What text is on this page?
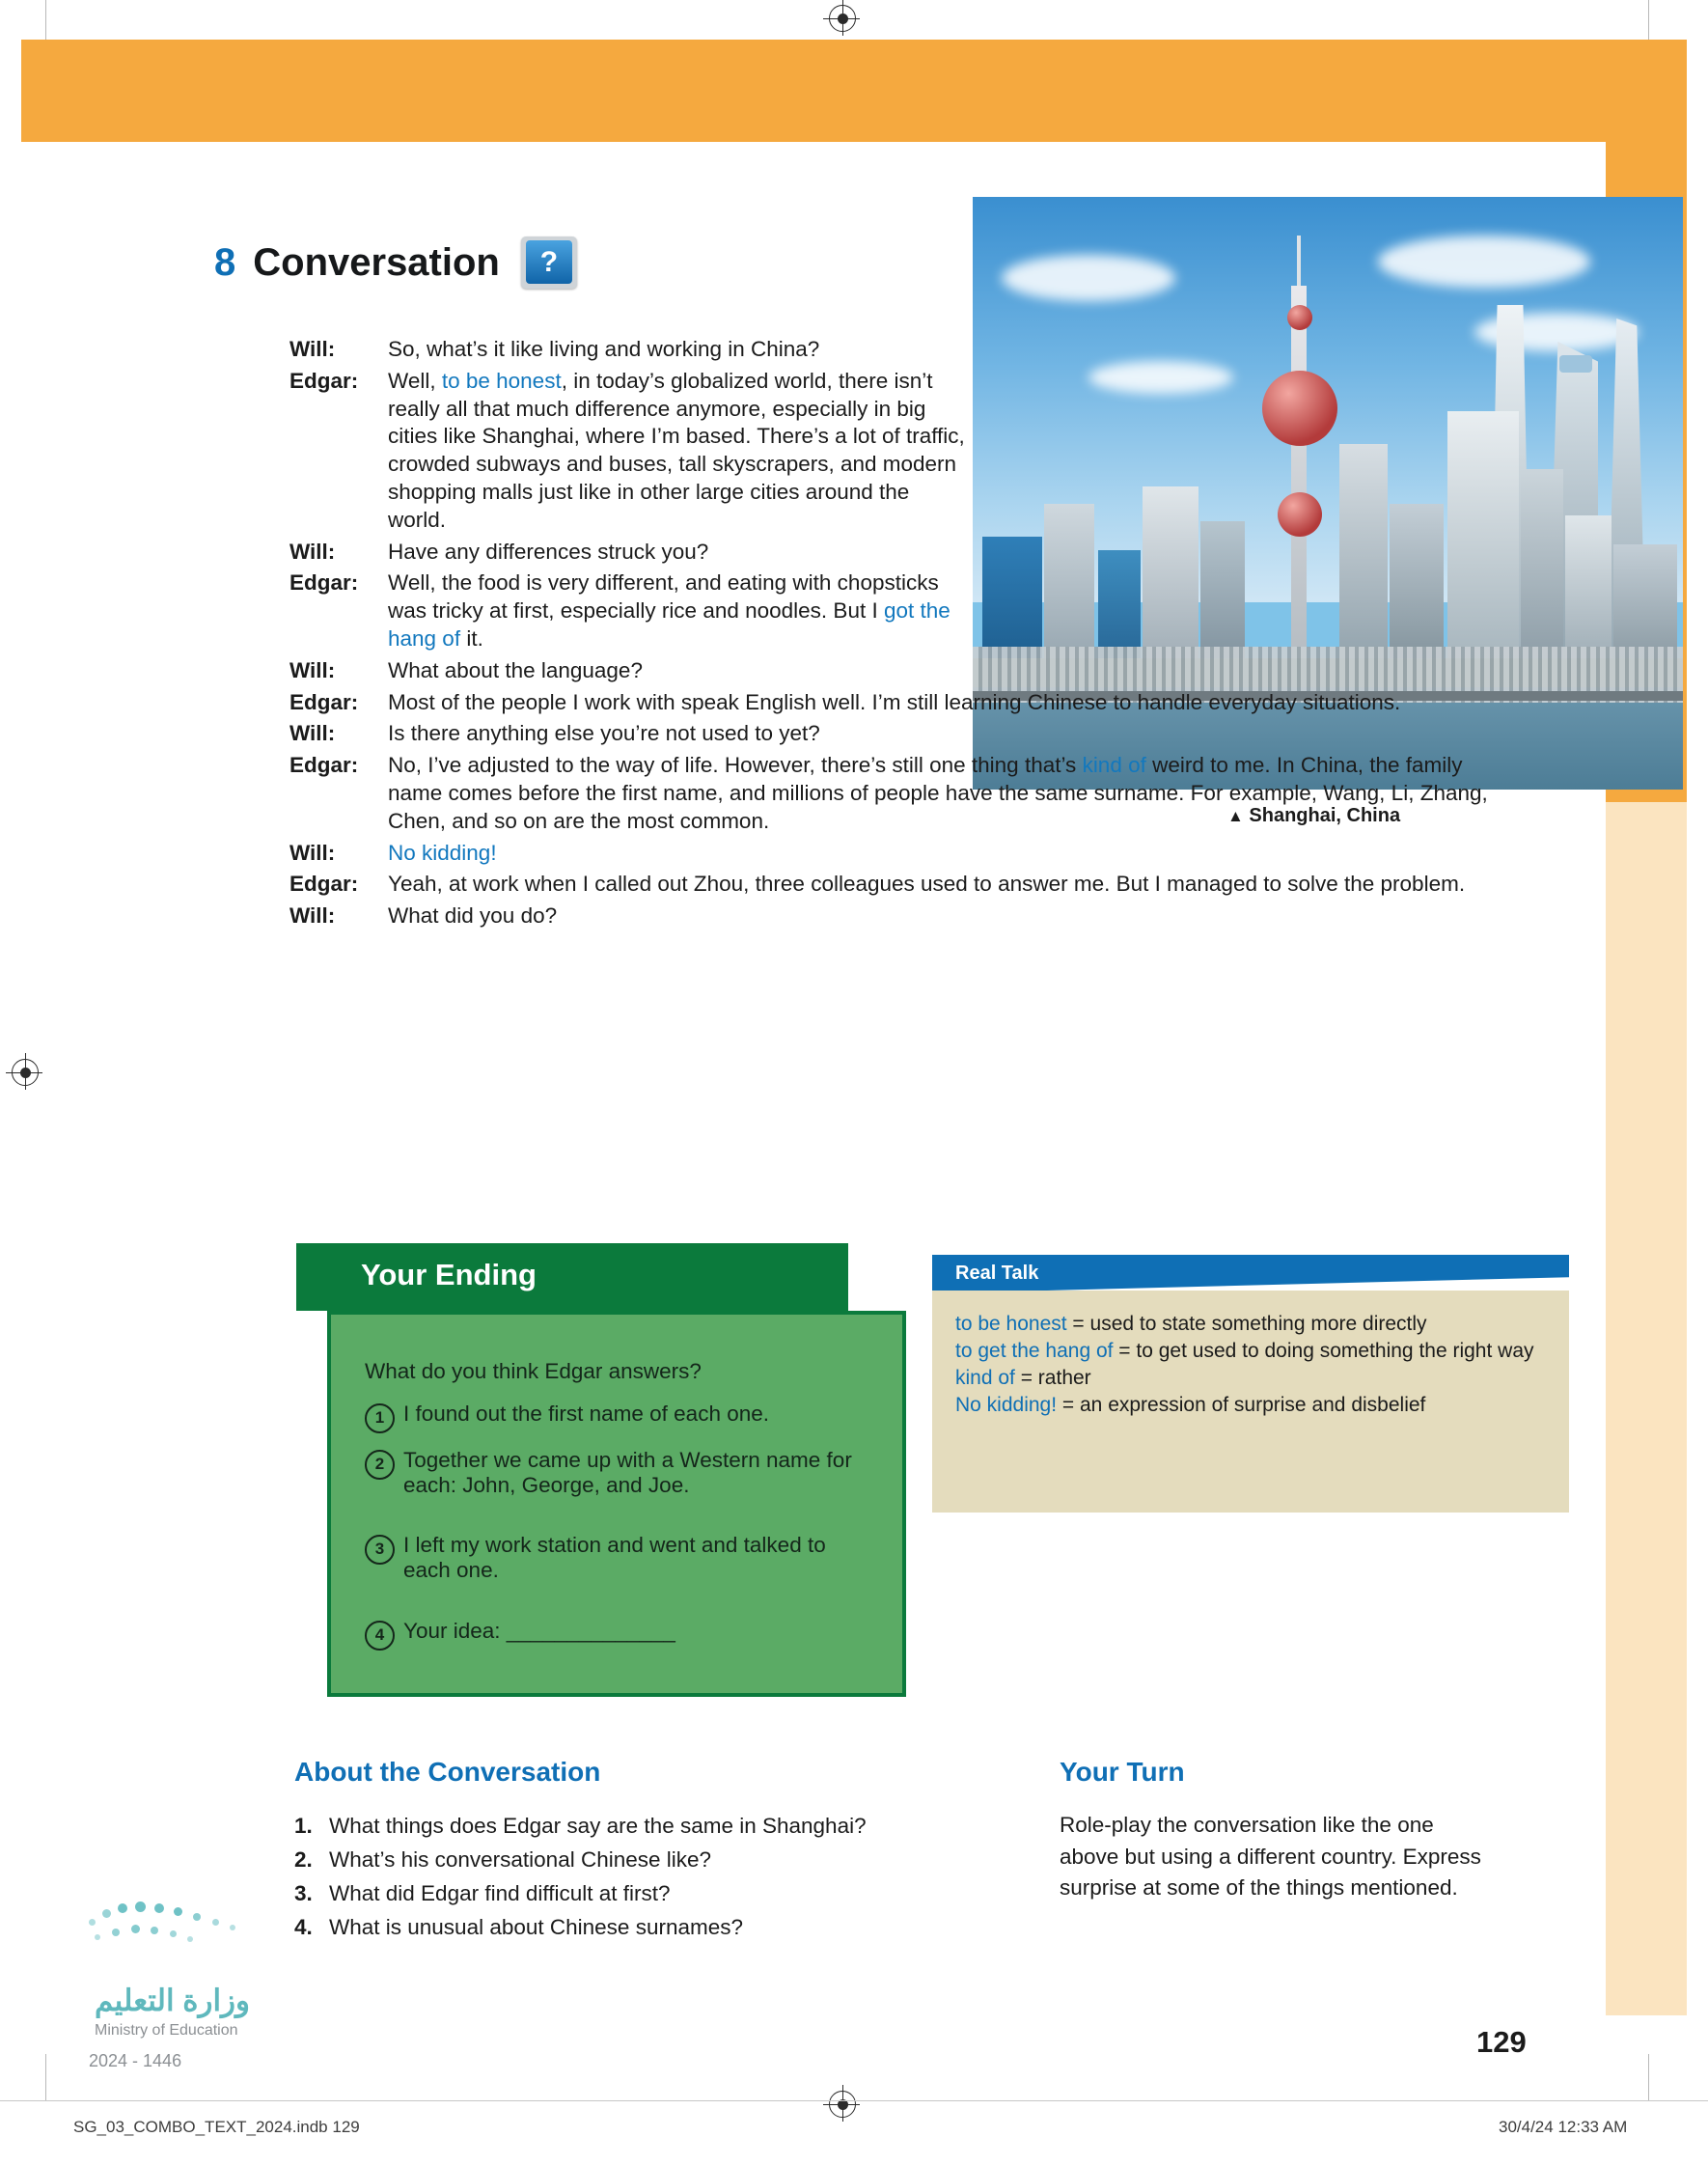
8 Conversation	?
▲ Shanghai, China
Will:	So, what’s it like living and working in China?
Edgar:	Well, to be honest, in today’s globalized world, there isn’t really all that much difference anymore, especially in big cities like Shanghai, where I’m based. There’s a lot of traffic, crowded subways and buses, tall skyscrapers, and modern shopping malls just like in other large cities around the world.
Will:	Have any differences struck you?
Edgar:	Well, the food is very different, and eating with chopsticks was tricky at first, especially rice and noodles. But I got the hang of it.
Will:	What about the language?
Edgar:	Most of the people I work with speak English well. I’m still learning Chinese to handle everyday situations.
Will:	Is there anything else you’re not used to yet?
Edgar:	No, I’ve adjusted to the way of life. However, there’s still one thing that’s kind of weird to me. In China, the family name comes before the first name, and millions of people have the same surname. For example, Wang, Li, Zhang, Chen, and so on are the most common.
Will:	No kidding!
Edgar:	Yeah, at work when I called out Zhou, three colleagues used to answer me. But I managed to solve the problem.
Will:	What did you do?
Your Ending
What do you think Edgar answers?
1 I found out the first name of each one.
2 Together we came up with a Western name for each: John, George, and Joe.
3 I left my work station and went and talked to each one.
4 Your idea: ______________
Real Talk
to be honest = used to state something more directly
to get the hang of = to get used to doing something the right way
kind of = rather
No kidding! = an expression of surprise and disbelief
About the Conversation
1. What things does Edgar say are the same in Shanghai?
2. What’s his conversational Chinese like?
3. What did Edgar find difficult at first?
4. What is unusual about Chinese surnames?
Your Turn
Role-play the conversation like the one above but using a different country. Express surprise at some of the things mentioned.
وزارة التعليم
Ministry of Education
2024 - 1446
129
SG_03_COMBO_TEXT_2024.indb 129	30/4/24 12:33 AM
